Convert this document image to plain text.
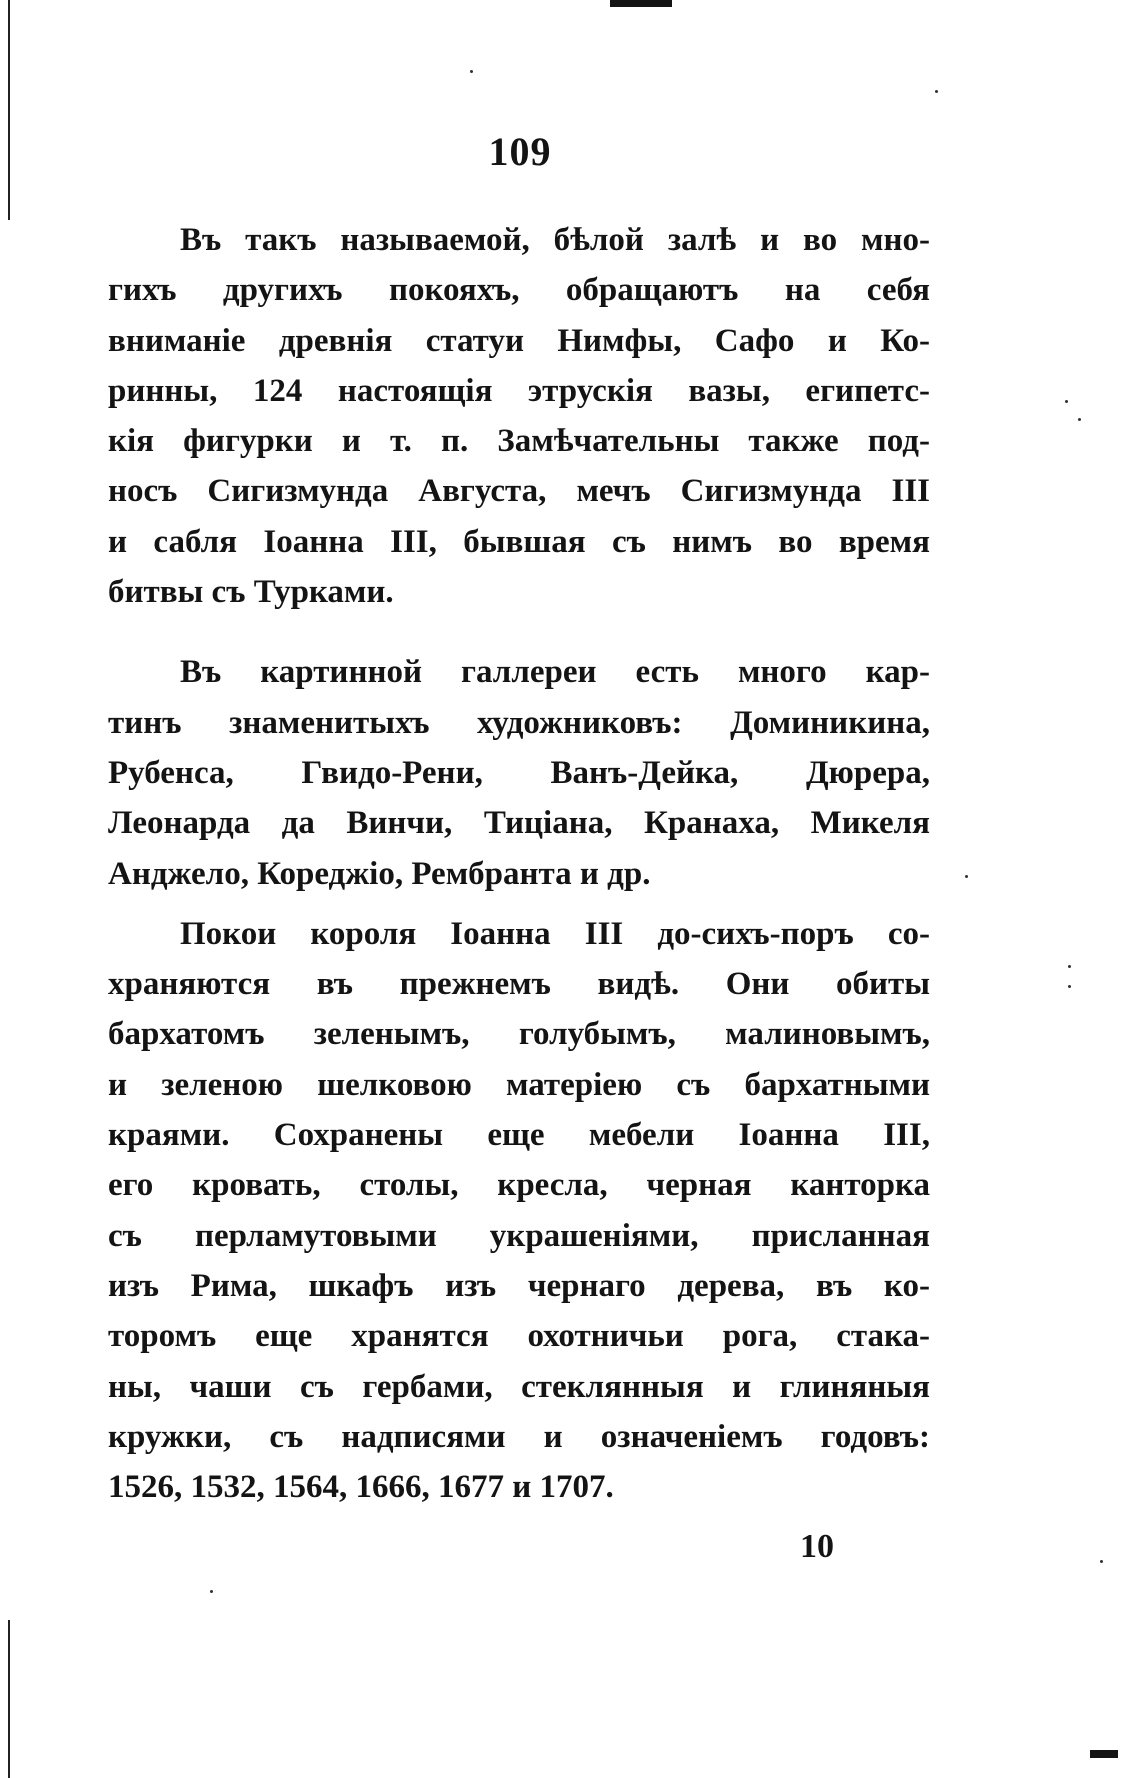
109
Въ такъ называемой, бѣлой залѣ и во мно-
гихъ другихъ покояхъ, обращаютъ на себя
вниманіе древнія статуи Нимфы, Сафо и Ко-
ринны, 124 настоящія этрускія вазы, египетс-
кія фигурки и т. п. Замѣчательны также под-
носъ Сигизмунда Августа, мечъ Сигизмунда III
и сабля Іоанна III, бывшая съ нимъ во время
битвы съ Турками.
Въ картинной галлереи есть много кар-
тинъ знаменитыхъ художниковъ: Доминикина,
Рубенса, Гвидо-Рени, Ванъ-Дейка, Дюрера,
Леонарда да Винчи, Тиціана, Кранаха, Микеля
Анджело, Кореджіо, Рембранта и др.
Покои короля Іоанна III до-сихъ-поръ со-
храняются въ прежнемъ видѣ. Они обиты
бархатомъ зеленымъ, голубымъ, малиновымъ,
и зеленою шелковою матеріею съ бархатными
краями. Сохранены еще мебели Іоанна III,
его кровать, столы, кресла, черная канторка
съ перламутовыми украшеніями, присланная
изъ Рима, шкафъ изъ чернаго дерева, въ ко-
торомъ еще хранятся охотничьи рога, стака-
ны, чаши съ гербами, стеклянныя и глиняныя
кружки, съ надписями и означеніемъ годовъ:
1526, 1532, 1564, 1666, 1677 и 1707.
10
